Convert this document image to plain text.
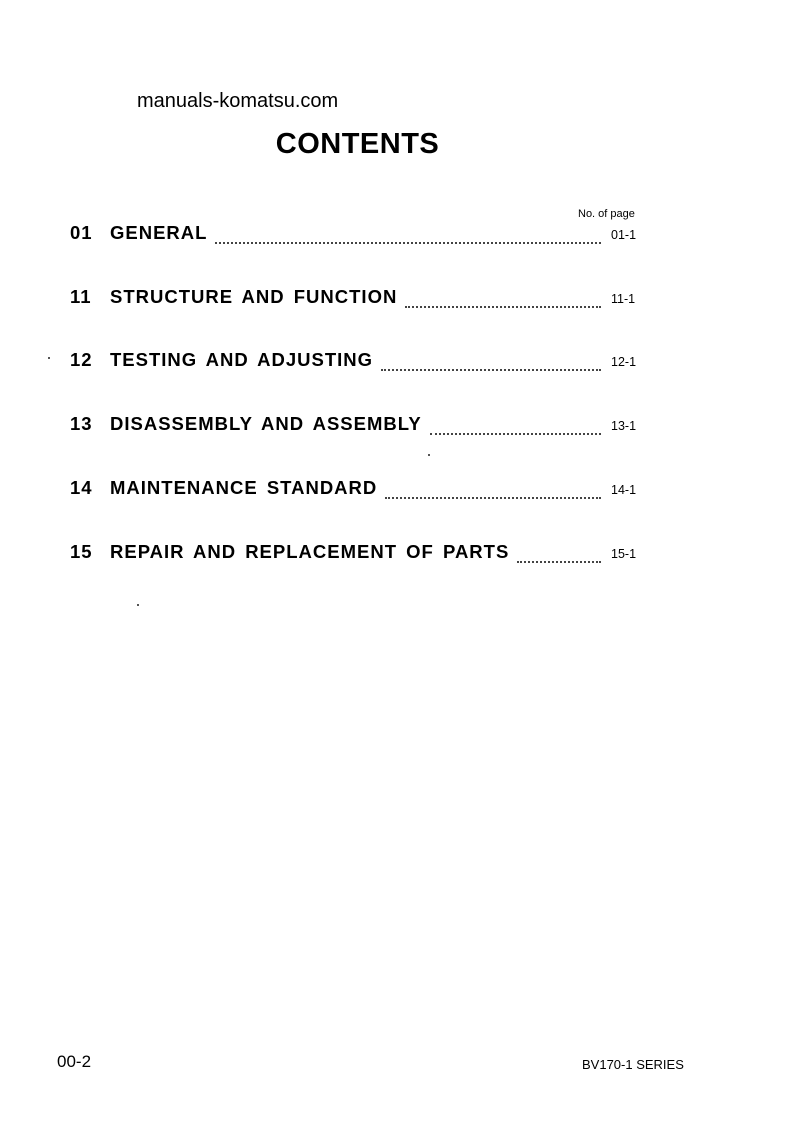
manuals-komatsu.com
CONTENTS
No. of page
01 GENERAL	01-1
11 STRUCTURE AND FUNCTION	11-1
12 TESTING AND ADJUSTING	12-1
13 DISASSEMBLY AND ASSEMBLY	13-1
14 MAINTENANCE STANDARD	14-1
15 REPAIR AND REPLACEMENT OF PARTS	15-1
00-2	BV170-1 SERIES
